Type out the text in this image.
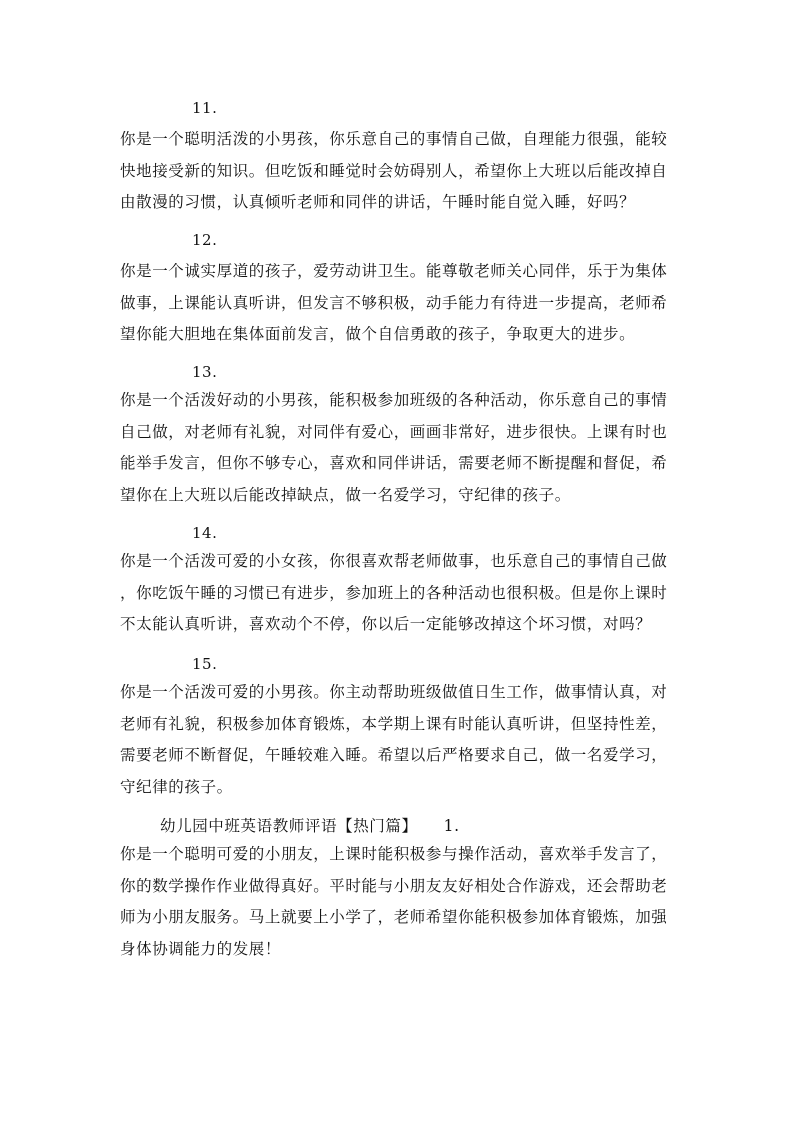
11.
你是一个聪明活泼的小男孩，你乐意自己的事情自己做，自理能力很强，能较
快地接受新的知识。但吃饭和睡觉时会妨碍别人，希望你上大班以后能改掉自
由散漫的习惯，认真倾听老师和同伴的讲话，午睡时能自觉入睡，好吗？
12.
你是一个诚实厚道的孩子，爱劳动讲卫生。能尊敬老师关心同伴，乐于为集体
做事，上课能认真听讲，但发言不够积极，动手能力有待进一步提高，老师希
望你能大胆地在集体面前发言，做个自信勇敢的孩子，争取更大的进步。
13.
你是一个活泼好动的小男孩，能积极参加班级的各种活动，你乐意自己的事情
自己做，对老师有礼貌，对同伴有爱心，画画非常好，进步很快。上课有时也
能举手发言，但你不够专心，喜欢和同伴讲话，需要老师不断提醒和督促，希
望你在上大班以后能改掉缺点，做一名爱学习，守纪律的孩子。
14.
你是一个活泼可爱的小女孩，你很喜欢帮老师做事，也乐意自己的事情自己做
，你吃饭午睡的习惯已有进步，参加班上的各种活动也很积极。但是你上课时
不太能认真听讲，喜欢动个不停，你以后一定能够改掉这个坏习惯，对吗？
15.
你是一个活泼可爱的小男孩。你主动帮助班级做值日生工作，做事情认真，对
老师有礼貌，积极参加体育锻炼，本学期上课有时能认真听讲，但坚持性差，
需要老师不断督促，午睡较难入睡。希望以后严格要求自己，做一名爱学习，
守纪律的孩子。
幼儿园中班英语教师评语【热门篇】 1.
你是一个聪明可爱的小朋友，上课时能积极参与操作活动，喜欢举手发言了，
你的数学操作作业做得真好。平时能与小朋友友好相处合作游戏，还会帮助老
师为小朋友服务。马上就要上小学了，老师希望你能积极参加体育锻炼，加强
身体协调能力的发展！
